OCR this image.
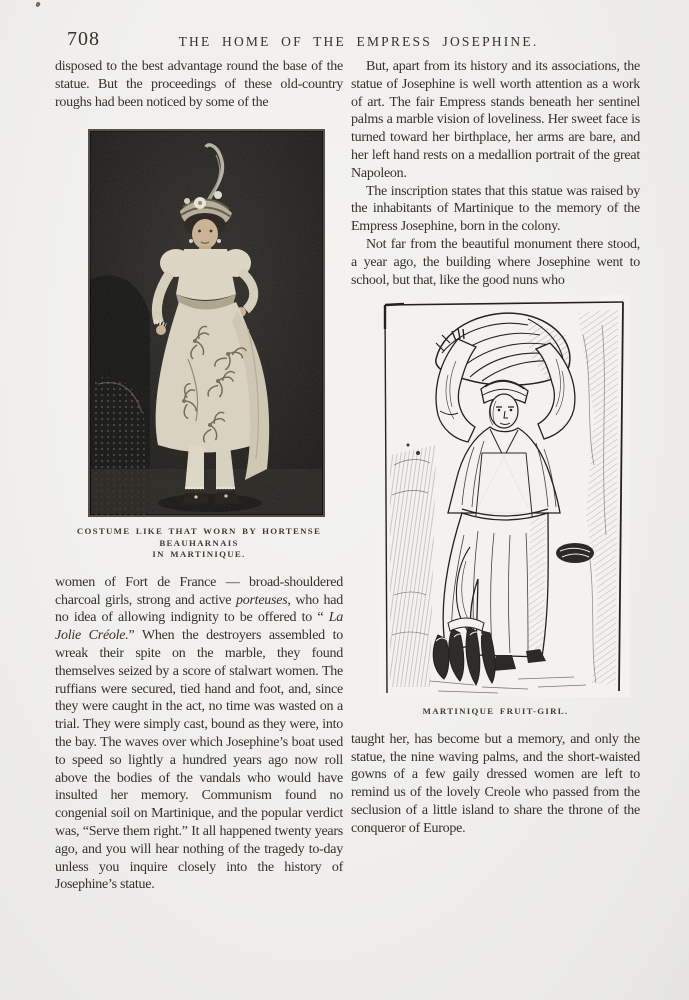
708	THE HOME OF THE EMPRESS JOSEPHINE.

disposed to the best advantage round the base of the statue. But the proceedings of these old-country roughs had been noticed by some of the

COSTUME LIKE THAT WORN BY HORTENSE BEAUHARNAIS
IN MARTINIQUE.

women of Fort de France — broad-shouldered charcoal girls, strong and active porteuses, who had no idea of allowing indignity to be offered to “ La Jolie Créole.” When the destroyers assembled to wreak their spite on the marble, they found themselves seized by a score of stalwart women. The ruffians were secured, tied hand and foot, and, since they were caught in the act, no time was wasted on a trial. They were simply cast, bound as they were, into the bay. The waves over which Josephine’s boat used to speed so lightly a hundred years ago now roll above the bodies of the vandals who would have insulted her memory. Communism found no congenial soil on Martinique, and the popular verdict was, “Serve them right.” It all happened twenty years ago, and you will hear nothing of the tragedy to-day unless you inquire closely into the history of Josephine’s statue.

But, apart from its history and its associations, the statue of Josephine is well worth attention as a work of art. The fair Empress stands beneath her sentinel palms a marble vision of loveliness. Her sweet face is turned toward her birthplace, her arms are bare, and her left hand rests on a medallion portrait of the great Napoleon.

The inscription states that this statue was raised by the inhabitants of Martinique to the memory of the Empress Josephine, born in the colony.

Not far from the beautiful monument there stood, a year ago, the building where Josephine went to school, but that, like the good nuns who

MARTINIQUE FRUIT-GIRL.

taught her, has become but a memory, and only the statue, the nine waving palms, and the short-waisted gowns of a few gaily dressed women are left to remind us of the lovely Creole who passed from the seclusion of a little island to share the throne of the conqueror of Europe.
